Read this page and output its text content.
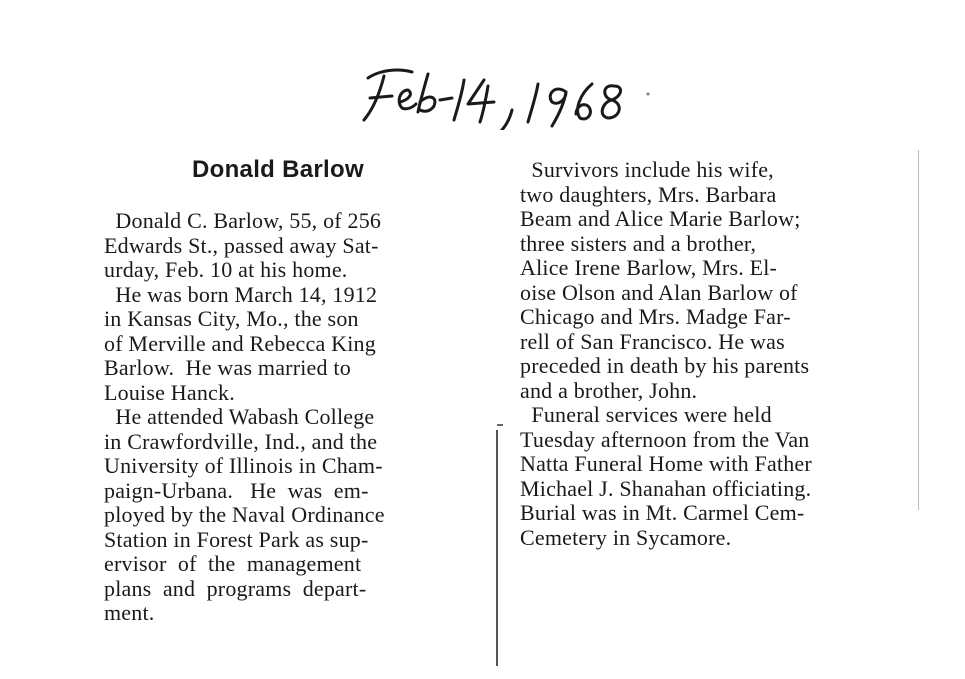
Donald Barlow
Donald C. Barlow, 55, of 256
Edwards St., passed away Sat-
urday, Feb. 10 at his home.
He was born March 14, 1912
in Kansas City, Mo., the son
of Merville and Rebecca King
Barlow.  He was married to
Louise Hanck.
He attended Wabash College
in Crawfordville, Ind., and the
University of Illinois in Cham-
paign-Urbana.   He  was  em-
ployed by the Naval Ordinance
Station in Forest Park as sup-
ervisor  of  the  management
plans  and  programs  depart-
ment.
Survivors include his wife,
two daughters, Mrs. Barbara
Beam and Alice Marie Barlow;
three sisters and a brother,
Alice Irene Barlow, Mrs. El-
oise Olson and Alan Barlow of
Chicago and Mrs. Madge Far-
rell of San Francisco. He was
preceded in death by his parents
and a brother, John.
Funeral services were held
Tuesday afternoon from the Van
Natta Funeral Home with Father
Michael J. Shanahan officiating.
Burial was in Mt. Carmel Cem-
Cemetery in Sycamore.
